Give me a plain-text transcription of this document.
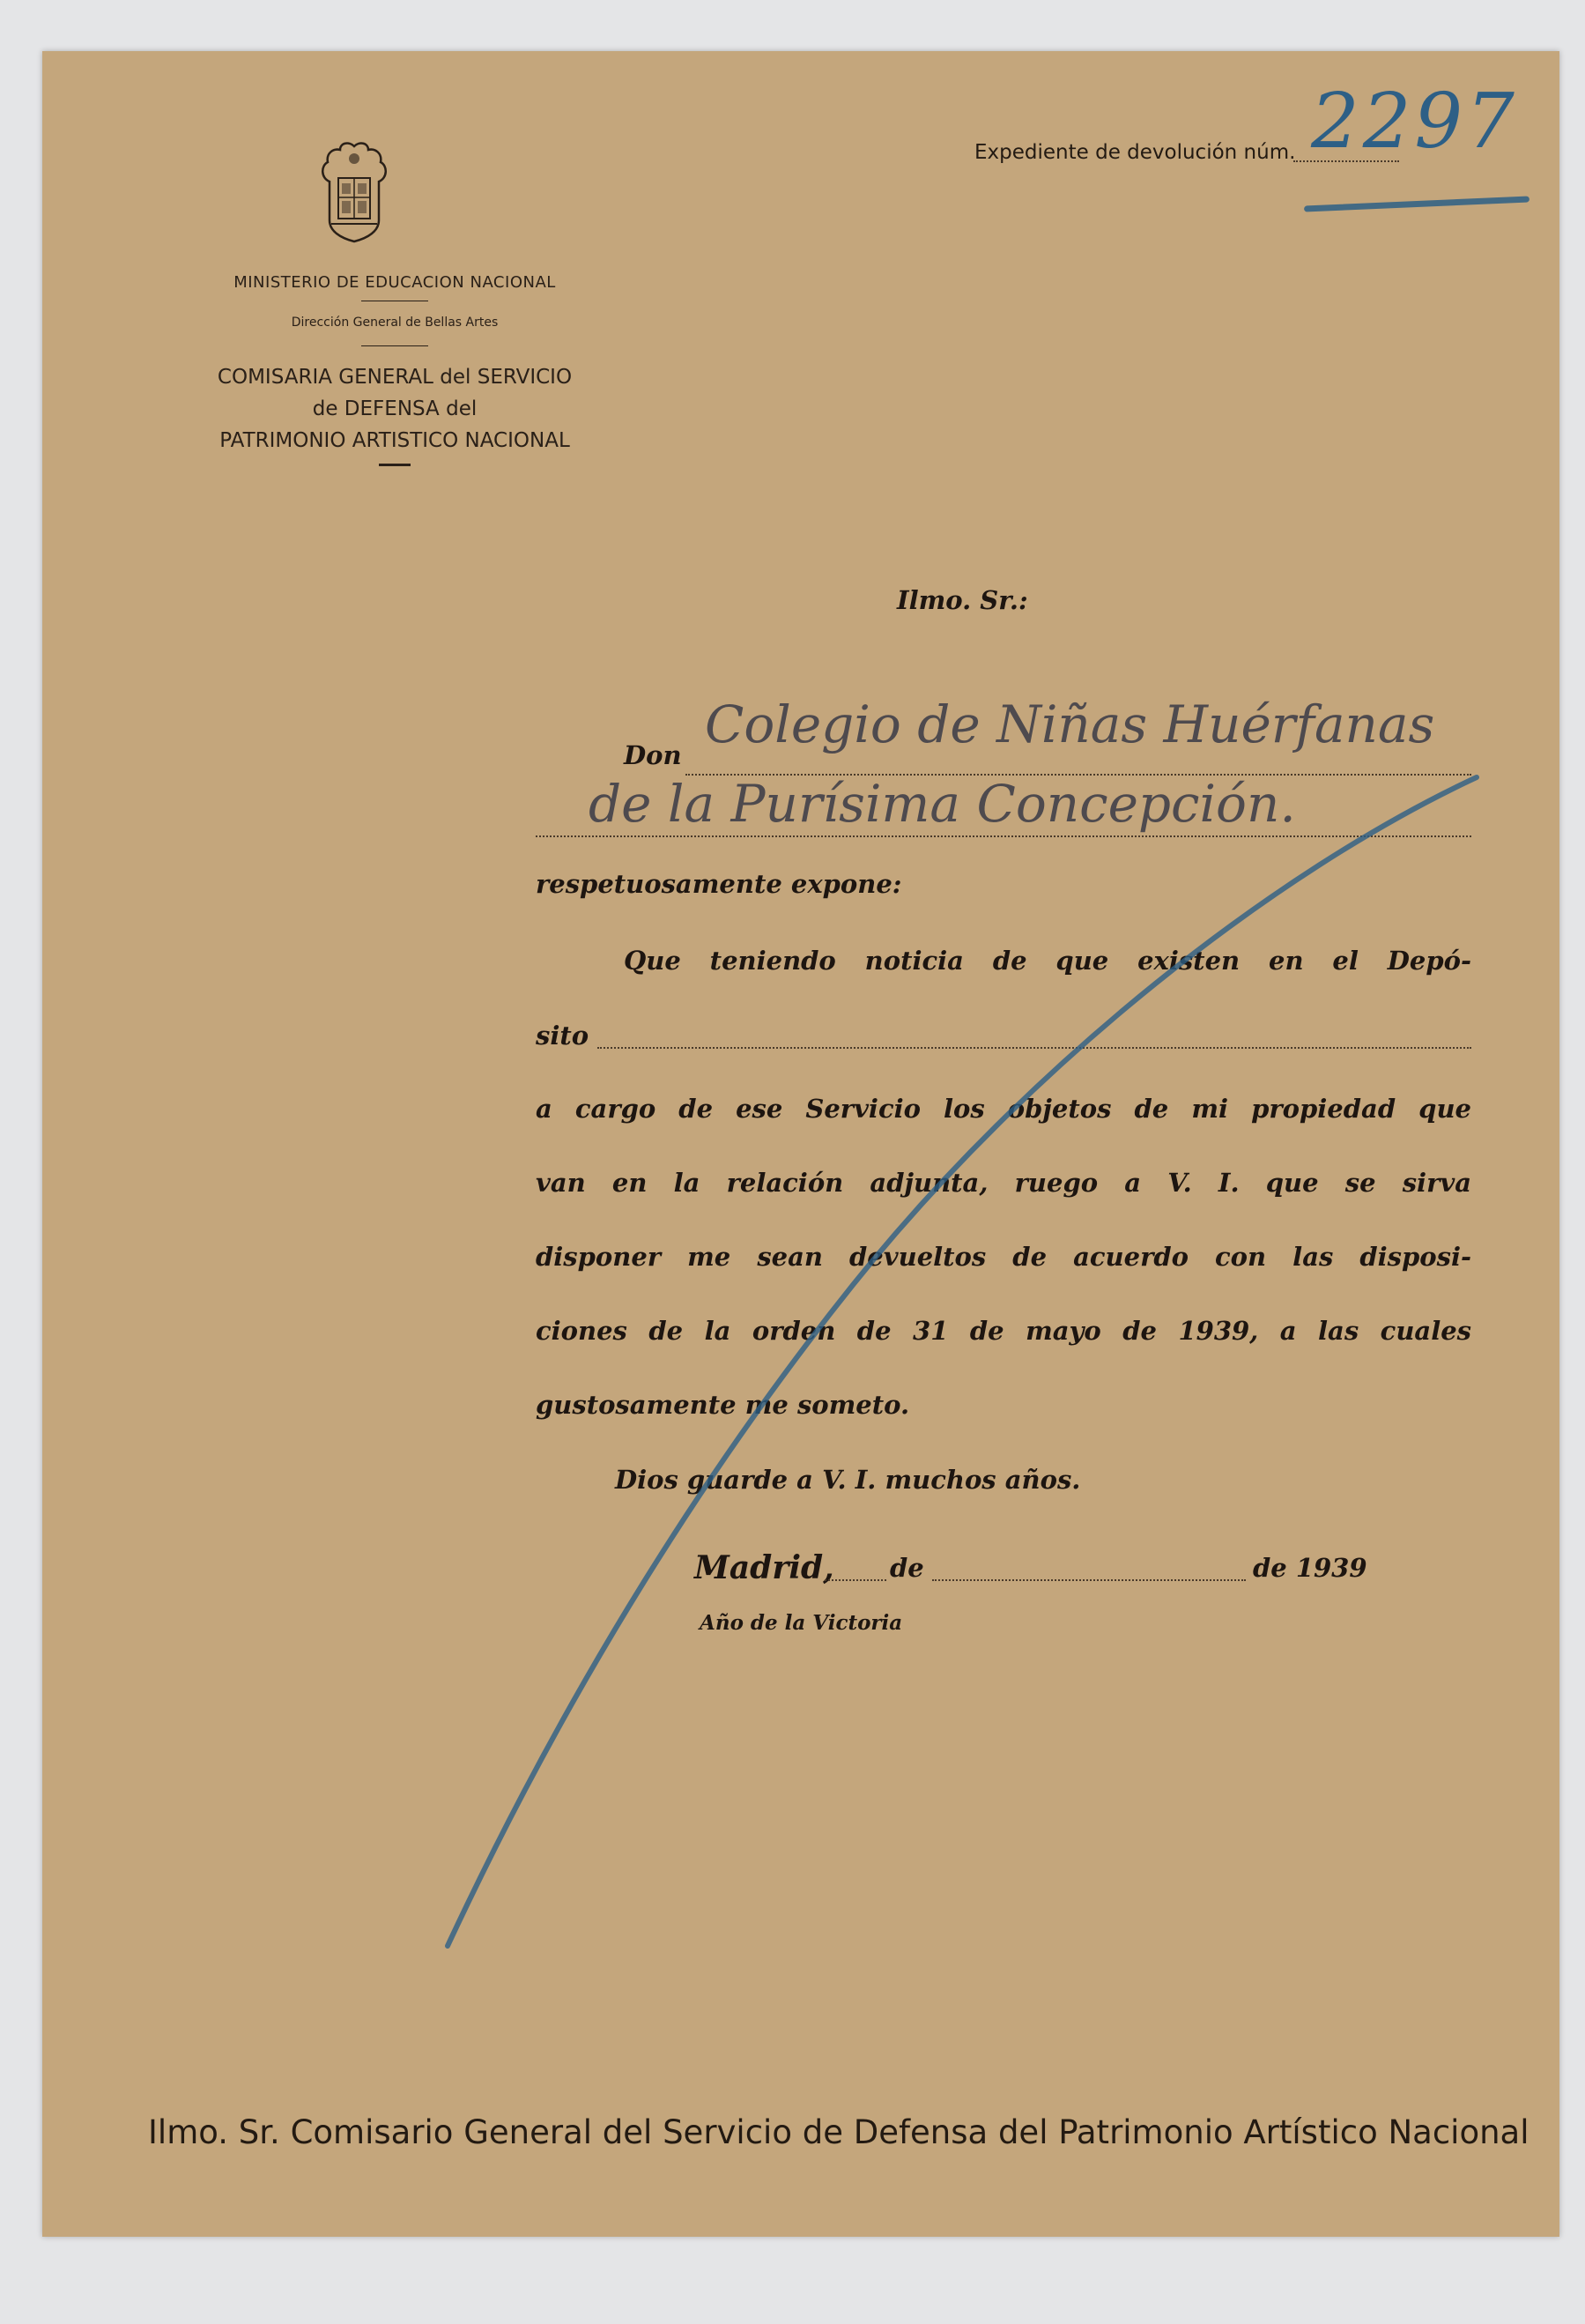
MINISTERIO DE EDUCACION NACIONAL
Dirección General de Bellas Artes
COMISARIA GENERAL del SERVICIO
de DEFENSA del
PATRIMONIO ARTISTICO NACIONAL
Expediente de devolución núm. 2297
Ilmo. Sr.:
Don
Colegio de Niñas Huérfanas
de la Purísima Concepción.
respetuosamente expone:
Que teniendo noticia de que existen en el Depó-
sito
a cargo de ese Servicio los objetos de mi propiedad que
van en la relación adjunta, ruego a V. I. que se sirva
disponer me sean devueltos de acuerdo con las disposi-
ciones de la orden de 31 de mayo de 1939, a las cuales
gustosamente me someto.
Dios guarde a V. I. muchos años.
Madrid, de	de 1939
Año de la Victoria
Ilmo. Sr. Comisario General del Servicio de Defensa del Patrimonio Artístico Nacional
